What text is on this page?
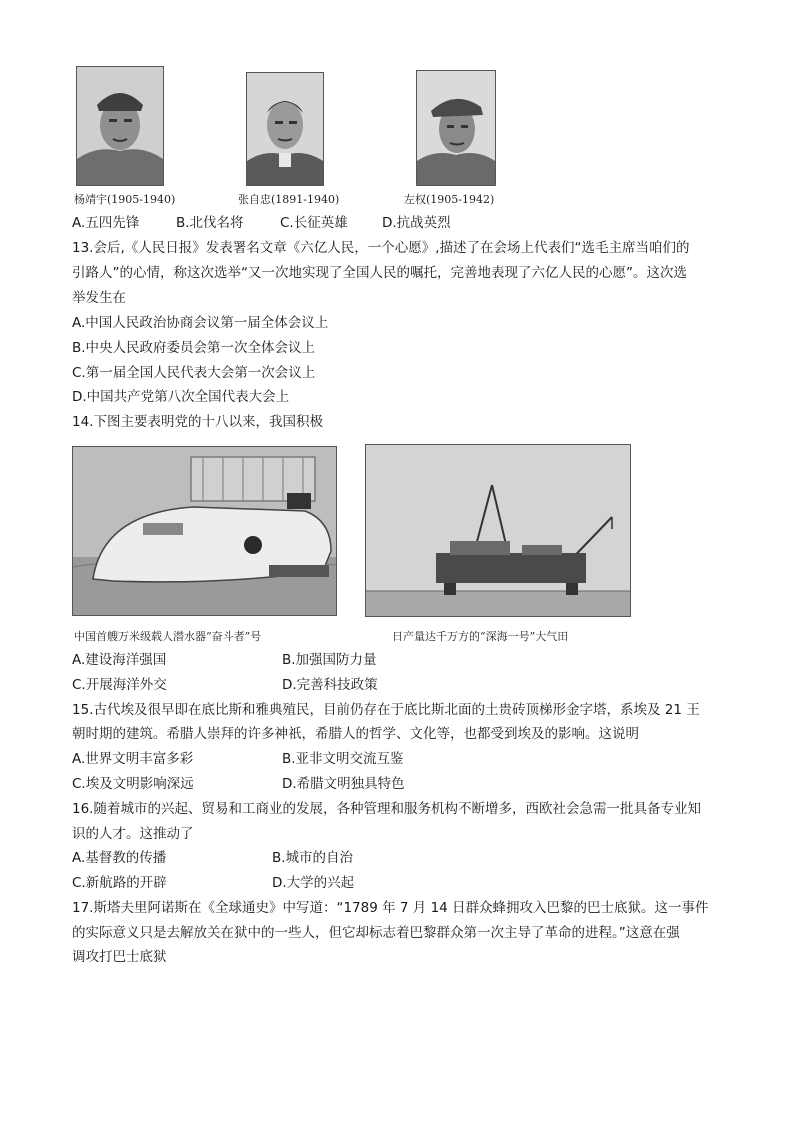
杨靖宇(1905-1940)	张自忠(1891-1940)	左权(1905-1942)
A.五四先锋	B.北伐名将	C.长征英雄	D.抗战英烈
13.会后,《人民日报》发表署名文章《六亿人民，一个心愿》,描述了在会场上代表们“选毛主席当咱们的
引路人”的心情，称这次选举“又一次地实现了全国人民的嘱托，完善地表现了六亿人民的心愿”。这次选
举发生在
A.中国人民政治协商会议第一届全体会议上
B.中央人民政府委员会第一次全体会议上
C.第一届全国人民代表大会第一次会议上
D.中国共产党第八次全国代表大会上
14.下图主要表明党的十八以来，我国积极
中国首艘万米级载人潜水器“奋斗者”号	日产量达千万方的“深海一号”大气田
A.建设海洋强国	B.加强国防力量
C.开展海洋外交	D.完善科技政策
15.古代埃及很早即在底比斯和雅典殖民，目前仍存在于底比斯北面的土贵砖顶梯形金字塔，系埃及 21 王
朝时期的建筑。希腊人崇拜的许多神祇，希腊人的哲学、文化等，也都受到埃及的影响。这说明
A.世界文明丰富多彩	B.亚非文明交流互鉴
C.埃及文明影响深远	D.希腊文明独具特色
16.随着城市的兴起、贸易和工商业的发展，各种管理和服务机构不断增多，西欧社会急需一批具备专业知
识的人才。这推动了
A.基督教的传播	B.城市的自治
C.新航路的开辟	D.大学的兴起
17.斯塔夫里阿诺斯在《全球通史》中写道：“1789 年 7 月 14 日群众蜂拥攻入巴黎的巴士底狱。这一事件
的实际意义只是去解放关在狱中的一些人，但它却标志着巴黎群众第一次主导了革命的进程。”这意在强
调攻打巴士底狱
